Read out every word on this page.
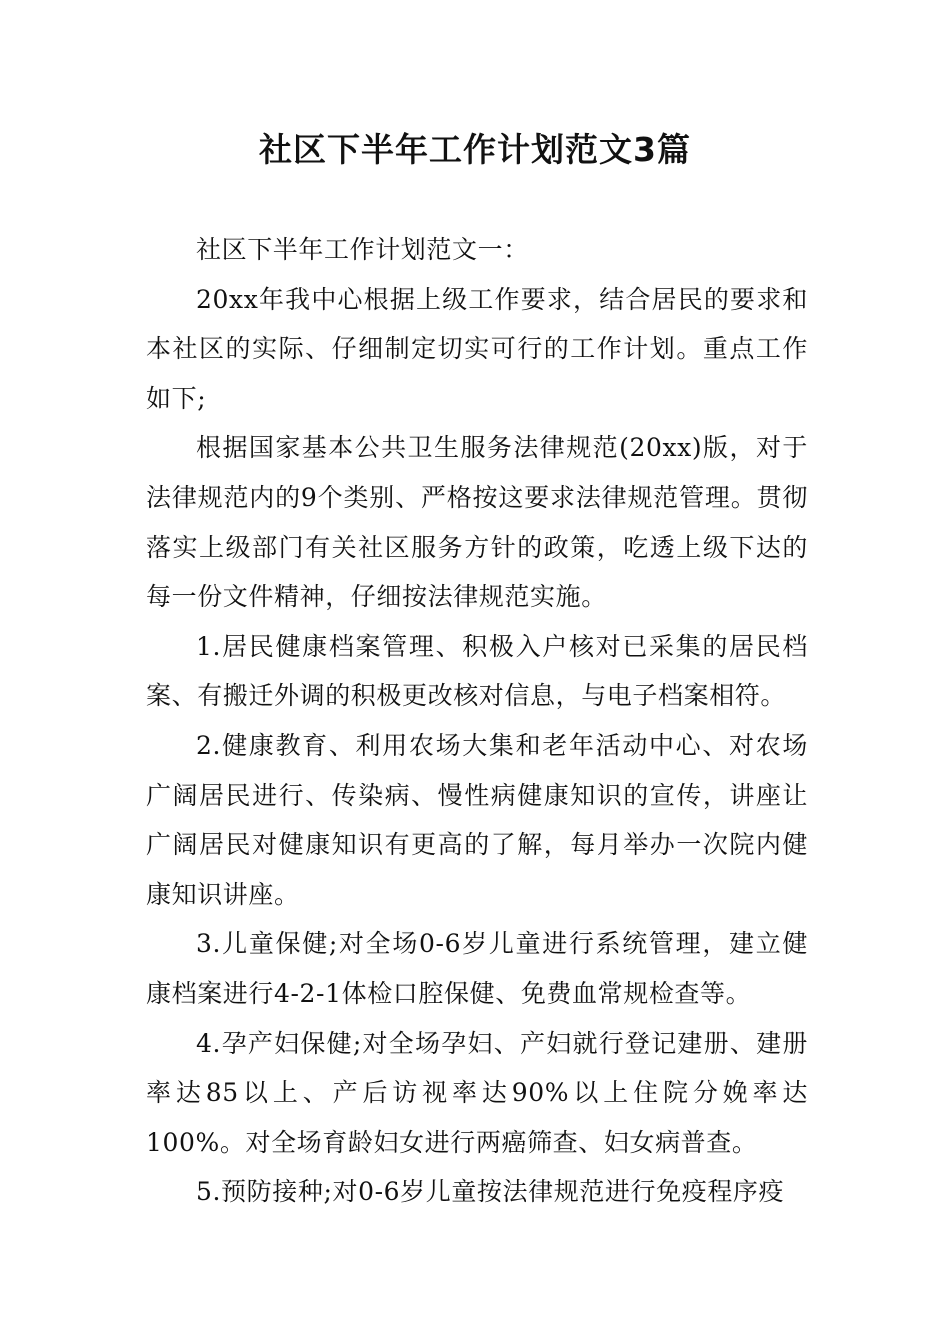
社区下半年工作计划范文3篇

社区下半年工作计划范文一：

20xx年我中心根据上级工作要求，结合居民的要求和本社区的实际、仔细制定切实可行的工作计划。重点工作如下;

根据国家基本公共卫生服务法律规范(20xx)版，对于法律规范内的9个类别、严格按这要求法律规范管理。贯彻落实上级部门有关社区服务方针的政策，吃透上级下达的每一份文件精神，仔细按法律规范实施。

1.居民健康档案管理、积极入户核对已采集的居民档案、有搬迁外调的积极更改核对信息，与电子档案相符。

2.健康教育、利用农场大集和老年活动中心、对农场广阔居民进行、传染病、慢性病健康知识的宣传，讲座让广阔居民对健康知识有更高的了解，每月举办一次院内健康知识讲座。

3.儿童保健;对全场0-6岁儿童进行系统管理，建立健康档案进行4-2-1体检口腔保健、免费血常规检查等。

4.孕产妇保健;对全场孕妇、产妇就行登记建册、建册率达85以上、产后访视率达90%以上住院分娩率达100%。对全场育龄妇女进行两癌筛查、妇女病普查。

5.预防接种;对0-6岁儿童按法律规范进行免疫程序疫
